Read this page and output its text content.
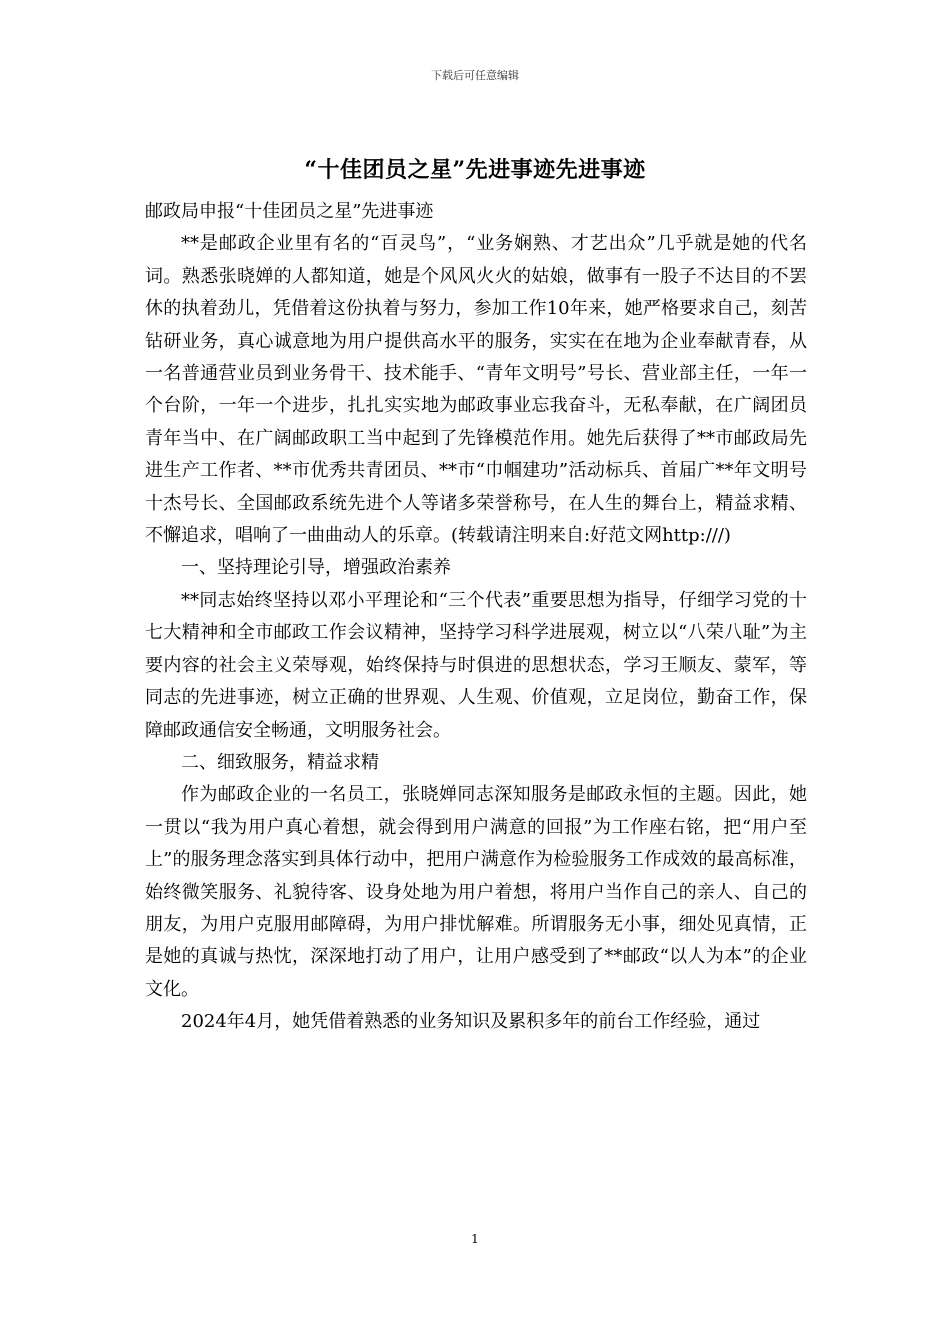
下载后可任意编辑
“十佳团员之星”先进事迹先进事迹

邮政局申报“十佳团员之星”先进事迹

**是邮政企业里有名的“百灵鸟”，“业务娴熟、才艺出众”几乎就是她的代名词。熟悉张晓婵的人都知道，她是个风风火火的姑娘，做事有一股子不达目的不罢休的执着劲儿，凭借着这份执着与努力，参加工作10年来，她严格要求自己，刻苦钻研业务，真心诚意地为用户提供高水平的服务，实实在在地为企业奉献青春，从一名普通营业员到业务骨干、技术能手、“青年文明号”号长、营业部主任，一年一个台阶，一年一个进步，扎扎实实地为邮政事业忘我奋斗，无私奉献，在广阔团员青年当中、在广阔邮政职工当中起到了先锋模范作用。她先后获得了**市邮政局先进生产工作者、**市优秀共青团员、**市“巾帼建功”活动标兵、首届广**年文明号十杰号长、全国邮政系统先进个人等诸多荣誉称号，在人生的舞台上，精益求精、不懈追求，唱响了一曲曲动人的乐章。(转载请注明来自:好范文网http:///)

一、坚持理论引导，增强政治素养

**同志始终坚持以邓小平理论和“三个代表”重要思想为指导，仔细学习党的十七大精神和全市邮政工作会议精神，坚持学习科学进展观，树立以“八荣八耻”为主要内容的社会主义荣辱观，始终保持与时俱进的思想状态，学习王顺友、蒙军，等同志的先进事迹，树立正确的世界观、人生观、价值观，立足岗位，勤奋工作，保障邮政通信安全畅通，文明服务社会。

二、细致服务，精益求精

作为邮政企业的一名员工，张晓婵同志深知服务是邮政永恒的主题。因此，她一贯以“我为用户真心着想，就会得到用户满意的回报”为工作座右铭，把“用户至上”的服务理念落实到具体行动中，把用户满意作为检验服务工作成效的最高标准，始终微笑服务、礼貌待客、设身处地为用户着想，将用户当作自己的亲人、自己的朋友，为用户克服用邮障碍，为用户排忧解难。所谓服务无小事，细处见真情，正是她的真诚与热忱，深深地打动了用户，让用户感受到了**邮政“以人为本”的企业文化。

2024年4月，她凭借着熟悉的业务知识及累积多年的前台工作经验，通过

1
